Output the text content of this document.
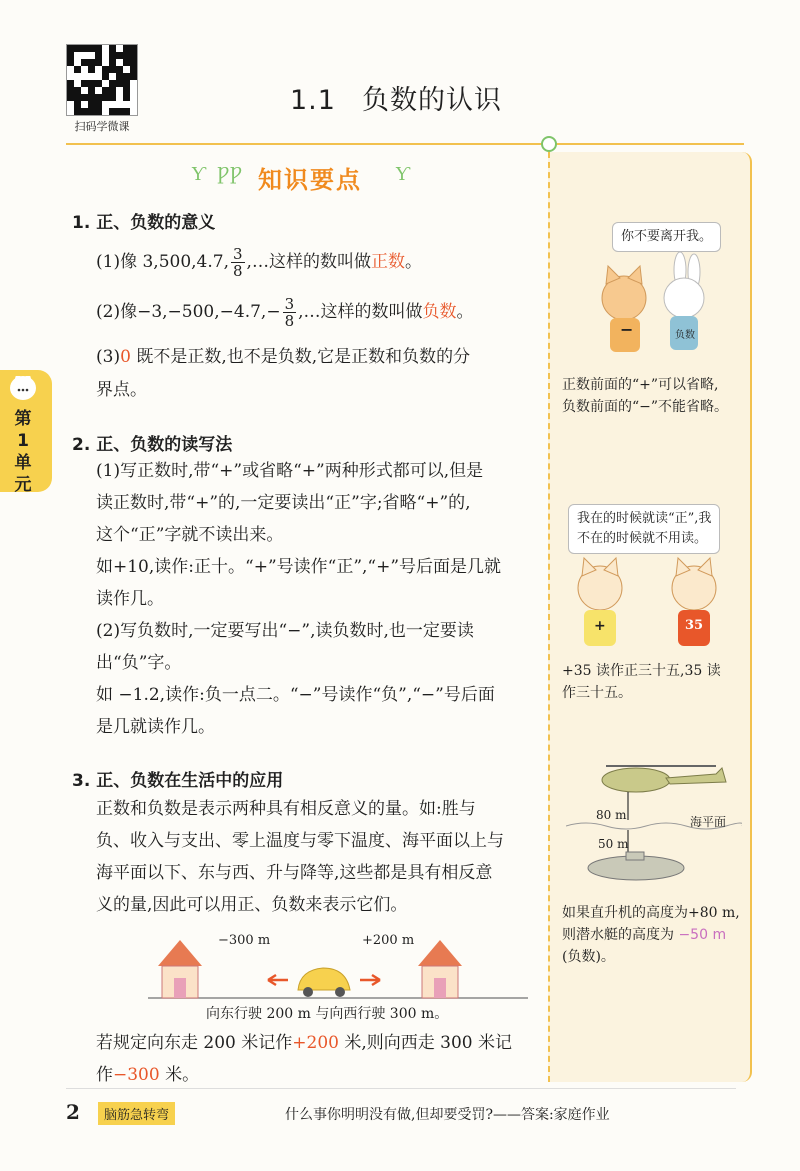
扫码学微课
1.1 负数的认识
第
1
单
元
Ƴ  ǷǷ 知识要点 Ƴ
1. 正、负数的意义
(1)像 3,500,4.7, $\frac{3}{8}$ ,…这样的数叫做正数。
(2)像$-3,-500,-4.7,- \frac{3}{8}$ ,…这样的数叫做负数。
(3)0 既不是正数,也不是负数,它是正数和负数的分
界点。
2. 正、负数的读写法
(1)写正数时,带“+”或省略“+”两种形式都可以,但是
读正数时,带“+”的,一定要读出“正”字;省略“+”的,
这个“正”字就不读出来。
如+10,读作:正十。“+”号读作“正”,“+”号后面是几就
读作几。
(2)写负数时,一定要写出“−”,读负数时,也一定要读
出“负”字。
如 −1.2,读作:负一点二。“−”号读作“负”,“−”号后面
是几就读作几。
3. 正、负数在生活中的应用
正数和负数是表示两种具有相反意义的量。如:胜与
负、收入与支出、零上温度与零下温度、海平面以上与
海平面以下、东与西、升与降等,这些都是具有相反意
义的量,因此可以用正、负数来表示它们。
−300 m	+200 m
向东行驶 200 m 与向西行驶 300 m。
若规定向东走 200 米记作+200 米,则向西走 300 米记
作−300 米。
你不要离开我。
−	负数
正数前面的“+”可以省略,
负数前面的“−”不能省略。
我在的时候就读“正”,我
不在的时候就不用读。
+	35
+35 读作正三十五,35 读
作三十五。
80 m	海平面
50 m
如果直升机的高度为+80 m,
则潜水艇的高度为 −50 m
(负数)。
2	脑筋急转弯	什么事你明明没有做,但却要受罚?——答案:家庭作业
